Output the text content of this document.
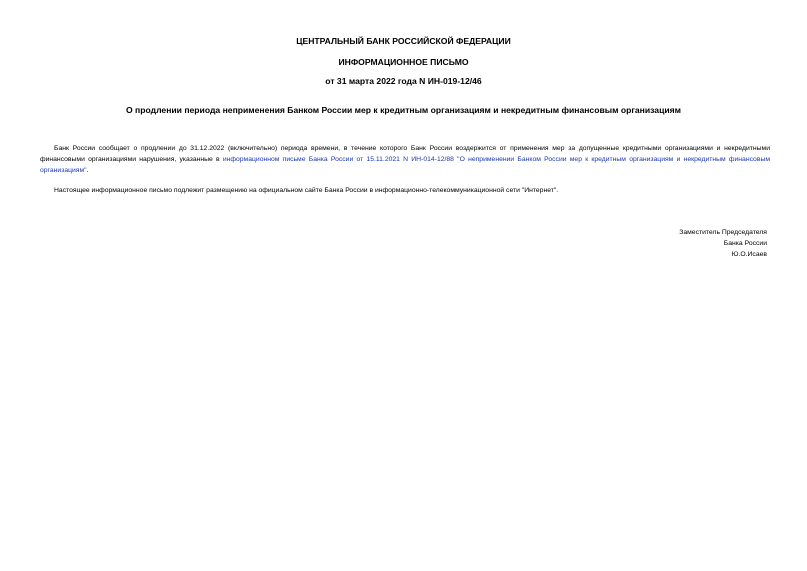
ЦЕНТРАЛЬНЫЙ БАНК РОССИЙСКОЙ ФЕДЕРАЦИИ
ИНФОРМАЦИОННОЕ ПИСЬМО
от 31 марта 2022 года N ИН-019-12/46
О продлении периода неприменения Банком России мер к кредитным организациям и некредитным финансовым организациям

Банк России сообщает о продлении до 31.12.2022 (включительно) периода времени, в течение которого Банк России воздержится от применения мер за допущенные кредитными организациями и некредитными финансовыми организациями нарушения, указанные в информационном письме Банка России от 15.11.2021 N ИН-014-12/88 "О неприменении Банком России мер к кредитным организациям и некредитным финансовым организациям".

Настоящее информационное письмо подлежит размещению на официальном сайте Банка России в информационно-телекоммуникационной сети "Интернет".

Заместитель Председателя
Банка России
Ю.О.Исаев
